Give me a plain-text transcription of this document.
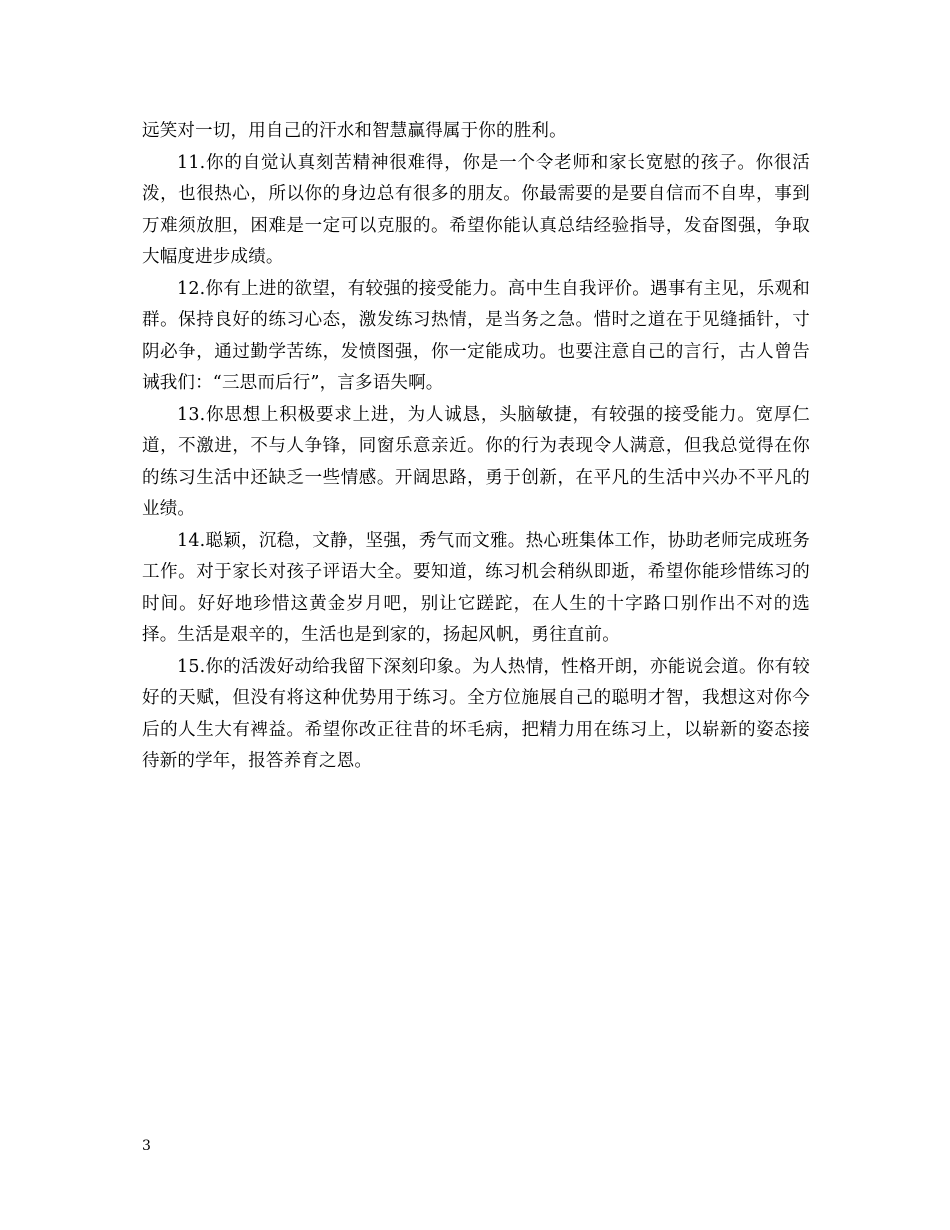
远笑对一切，用自己的汗水和智慧赢得属于你的胜利。

11.你的自觉认真刻苦精神很难得，你是一个令老师和家长宽慰的孩子。你很活泼，也很热心，所以你的身边总有很多的朋友。你最需要的是要自信而不自卑，事到万难须放胆，困难是一定可以克服的。希望你能认真总结经验指导，发奋图强，争取大幅度进步成绩。

12.你有上进的欲望，有较强的接受能力。高中生自我评价。遇事有主见，乐观和群。保持良好的练习心态，激发练习热情，是当务之急。惜时之道在于见缝插针，寸阴必争，通过勤学苦练，发愤图强，你一定能成功。也要注意自己的言行，古人曾告诫我们：“三思而后行”，言多语失啊。

13.你思想上积极要求上进，为人诚恳，头脑敏捷，有较强的接受能力。宽厚仁道，不激进，不与人争锋，同窗乐意亲近。你的行为表现令人满意，但我总觉得在你的练习生活中还缺乏一些情感。开阔思路，勇于创新，在平凡的生活中兴办不平凡的业绩。

14.聪颖，沉稳，文静，坚强，秀气而文雅。热心班集体工作，协助老师完成班务工作。对于家长对孩子评语大全。要知道，练习机会稍纵即逝，希望你能珍惜练习的时间。好好地珍惜这黄金岁月吧，别让它蹉跎，在人生的十字路口别作出不对的选择。生活是艰辛的，生活也是到家的，扬起风帆，勇往直前。

15.你的活泼好动给我留下深刻印象。为人热情，性格开朗，亦能说会道。你有较好的天赋，但没有将这种优势用于练习。全方位施展自己的聪明才智，我想这对你今后的人生大有裨益。希望你改正往昔的坏毛病，把精力用在练习上，以崭新的姿态接待新的学年，报答养育之恩。

3
